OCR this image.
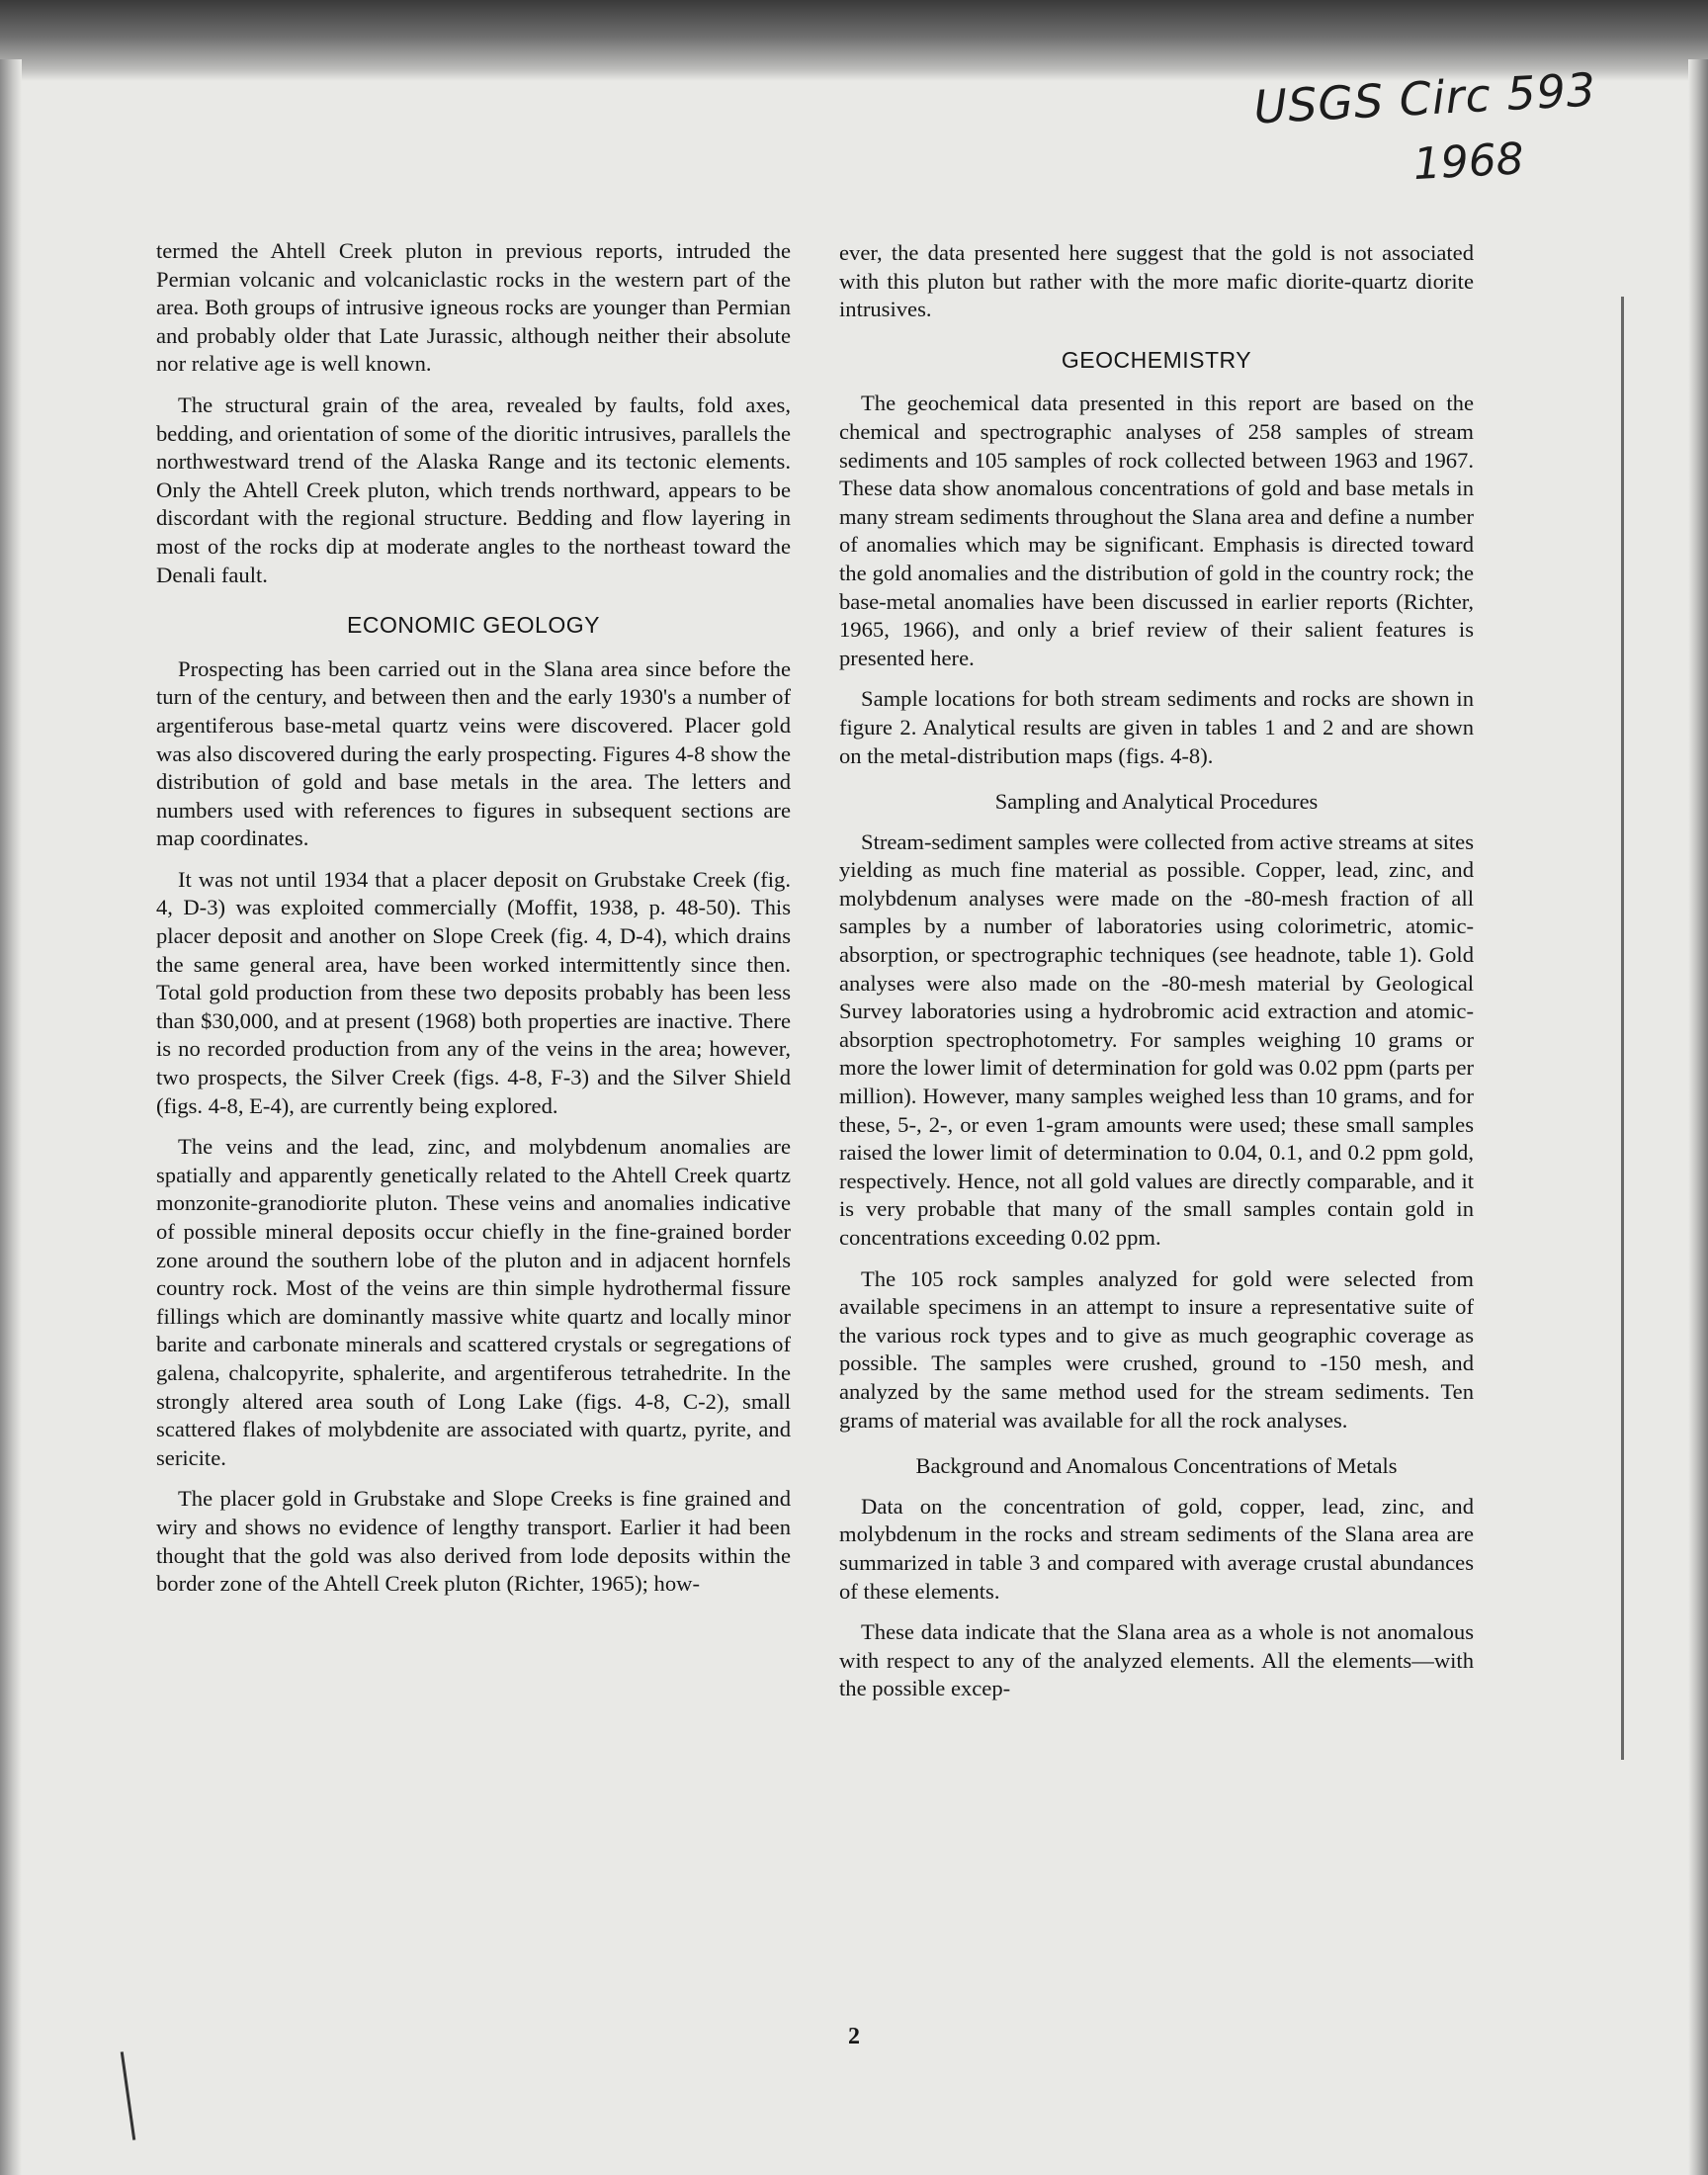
USGS Circ 593
1968

termed the Ahtell Creek pluton in previous reports, intruded the Permian volcanic and volcaniclastic rocks in the western part of the area. Both groups of intrusive igneous rocks are younger than Permian and probably older that Late Jurassic, although neither their absolute nor relative age is well known.

The structural grain of the area, revealed by faults, fold axes, bedding, and orientation of some of the dioritic intrusives, parallels the northwestward trend of the Alaska Range and its tectonic elements. Only the Ahtell Creek pluton, which trends northward, appears to be discordant with the regional structure. Bedding and flow layering in most of the rocks dip at moderate angles to the northeast toward the Denali fault.

ECONOMIC GEOLOGY

Prospecting has been carried out in the Slana area since before the turn of the century, and between then and the early 1930's a number of argentiferous base-metal quartz veins were discovered. Placer gold was also discovered during the early prospecting. Figures 4-8 show the distribution of gold and base metals in the area. The letters and numbers used with references to figures in subsequent sections are map coordinates.

It was not until 1934 that a placer deposit on Grubstake Creek (fig. 4, D-3) was exploited commercially (Moffit, 1938, p. 48-50). This placer deposit and another on Slope Creek (fig. 4, D-4), which drains the same general area, have been worked intermittently since then. Total gold production from these two deposits probably has been less than $30,000, and at present (1968) both properties are inactive. There is no recorded production from any of the veins in the area; however, two prospects, the Silver Creek (figs. 4-8, F-3) and the Silver Shield (figs. 4-8, E-4), are currently being explored.

The veins and the lead, zinc, and molybdenum anomalies are spatially and apparently genetically related to the Ahtell Creek quartz monzonite-granodiorite pluton. These veins and anomalies indicative of possible mineral deposits occur chiefly in the fine-grained border zone around the southern lobe of the pluton and in adjacent hornfels country rock. Most of the veins are thin simple hydrothermal fissure fillings which are dominantly massive white quartz and locally minor barite and carbonate minerals and scattered crystals or segregations of galena, chalcopyrite, sphalerite, and argentiferous tetrahedrite. In the strongly altered area south of Long Lake (figs. 4-8, C-2), small scattered flakes of molybdenite are associated with quartz, pyrite, and sericite.

The placer gold in Grubstake and Slope Creeks is fine grained and wiry and shows no evidence of lengthy transport. Earlier it had been thought that the gold was also derived from lode deposits within the border zone of the Ahtell Creek pluton (Richter, 1965); how-

ever, the data presented here suggest that the gold is not associated with this pluton but rather with the more mafic diorite-quartz diorite intrusives.

GEOCHEMISTRY

The geochemical data presented in this report are based on the chemical and spectrographic analyses of 258 samples of stream sediments and 105 samples of rock collected between 1963 and 1967. These data show anomalous concentrations of gold and base metals in many stream sediments throughout the Slana area and define a number of anomalies which may be significant. Emphasis is directed toward the gold anomalies and the distribution of gold in the country rock; the base-metal anomalies have been discussed in earlier reports (Richter, 1965, 1966), and only a brief review of their salient features is presented here.

Sample locations for both stream sediments and rocks are shown in figure 2. Analytical results are given in tables 1 and 2 and are shown on the metal-distribution maps (figs. 4-8).

Sampling and Analytical Procedures

Stream-sediment samples were collected from active streams at sites yielding as much fine material as possible. Copper, lead, zinc, and molybdenum analyses were made on the -80-mesh fraction of all samples by a number of laboratories using colorimetric, atomic-absorption, or spectrographic techniques (see headnote, table 1). Gold analyses were also made on the -80-mesh material by Geological Survey laboratories using a hydrobromic acid extraction and atomic-absorption spectrophotometry. For samples weighing 10 grams or more the lower limit of determination for gold was 0.02 ppm (parts per million). However, many samples weighed less than 10 grams, and for these, 5-, 2-, or even 1-gram amounts were used; these small samples raised the lower limit of determination to 0.04, 0.1, and 0.2 ppm gold, respectively. Hence, not all gold values are directly comparable, and it is very probable that many of the small samples contain gold in concentrations exceeding 0.02 ppm.

The 105 rock samples analyzed for gold were selected from available specimens in an attempt to insure a representative suite of the various rock types and to give as much geographic coverage as possible. The samples were crushed, ground to -150 mesh, and analyzed by the same method used for the stream sediments. Ten grams of material was available for all the rock analyses.

Background and Anomalous Concentrations of Metals

Data on the concentration of gold, copper, lead, zinc, and molybdenum in the rocks and stream sediments of the Slana area are summarized in table 3 and compared with average crustal abundances of these elements.

These data indicate that the Slana area as a whole is not anomalous with respect to any of the analyzed elements. All the elements—with the possible excep-

2
